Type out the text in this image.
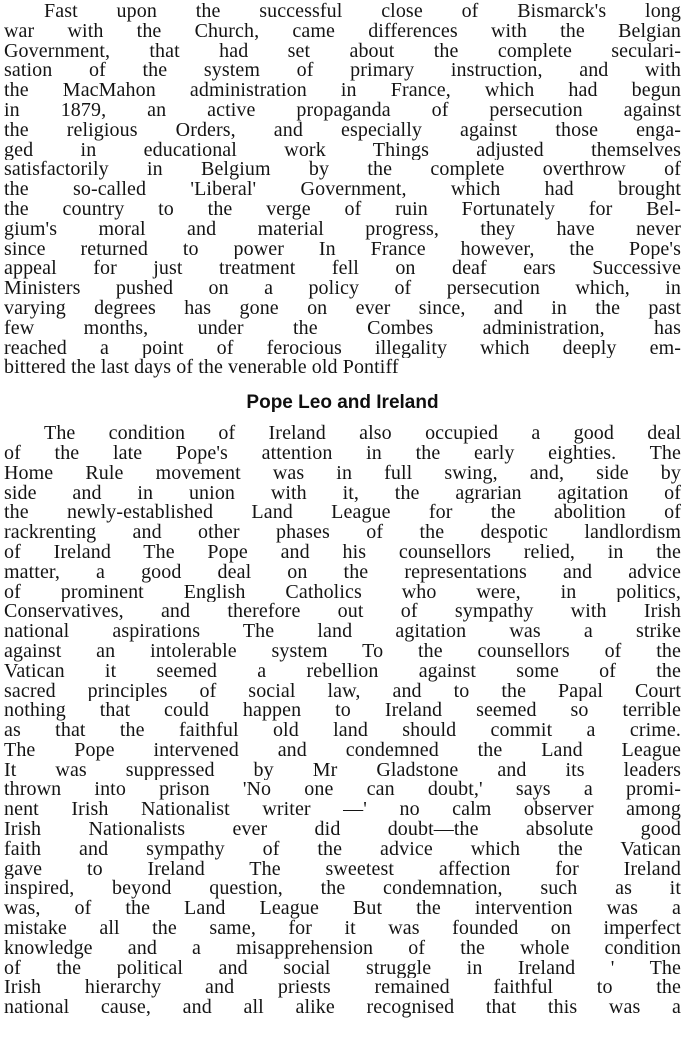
Fast upon the successful close of Bismarck's long
war with the Church, came differences with the Belgian
Government, that had set about the complete seculari-
sation of the system of primary instruction, and with
the MacMahon administration in France, which had begun
in 1879, an active propaganda of persecution against
the religious Orders, and especially against those enga-
ged in educational work Things adjusted themselves
satisfactorily in Belgium by the complete overthrow of
the so-called 'Liberal' Government, which had brought
the country to the verge of ruin Fortunately for Bel-
gium's moral and material progress, they have never
since returned to power In France however, the Pope's
appeal for just treatment fell on deaf ears Successive
Ministers pushed on a policy of persecution which, in
varying degrees has gone on ever since, and in the past
few months, under the Combes administration, has
reached a point of ferocious illegality which deeply em-
bittered the last days of the venerable old Pontiff
Pope Leo and Ireland
The condition of Ireland also occupied a good deal
of the late Pope's attention in the early eighties. The
Home Rule movement was in full swing, and, side by
side and in union with it, the agrarian agitation of
the newly-established Land League for the abolition of
rackrenting and other phases of the despotic landlordism
of Ireland The Pope and his counsellors relied, in the
matter, a good deal on the representations and advice
of prominent English Catholics who were, in politics,
Conservatives, and therefore out of sympathy with Irish
national aspirations The land agitation was a strike
against an intolerable system To the counsellors of the
Vatican it seemed a rebellion against some of the
sacred principles of social law, and to the Papal Court
nothing that could happen to Ireland seemed so terrible
as that the faithful old land should commit a crime.
The Pope intervened and condemned the Land League
It was suppressed by Mr Gladstone and its leaders
thrown into prison 'No one can doubt,' says a promi-
nent Irish Nationalist writer —' no calm observer among
Irish Nationalists ever did doubt—the absolute good
faith and sympathy of the advice which the Vatican
gave to Ireland The sweetest affection for Ireland
inspired, beyond question, the condemnation, such as it
was, of the Land League But the intervention was a
mistake all the same, for it was founded on imperfect
knowledge and a misapprehension of the whole condition
of the political and social struggle in Ireland ' The
Irish hierarchy and priests remained faithful to the
national cause, and all alike recognised that this was a
